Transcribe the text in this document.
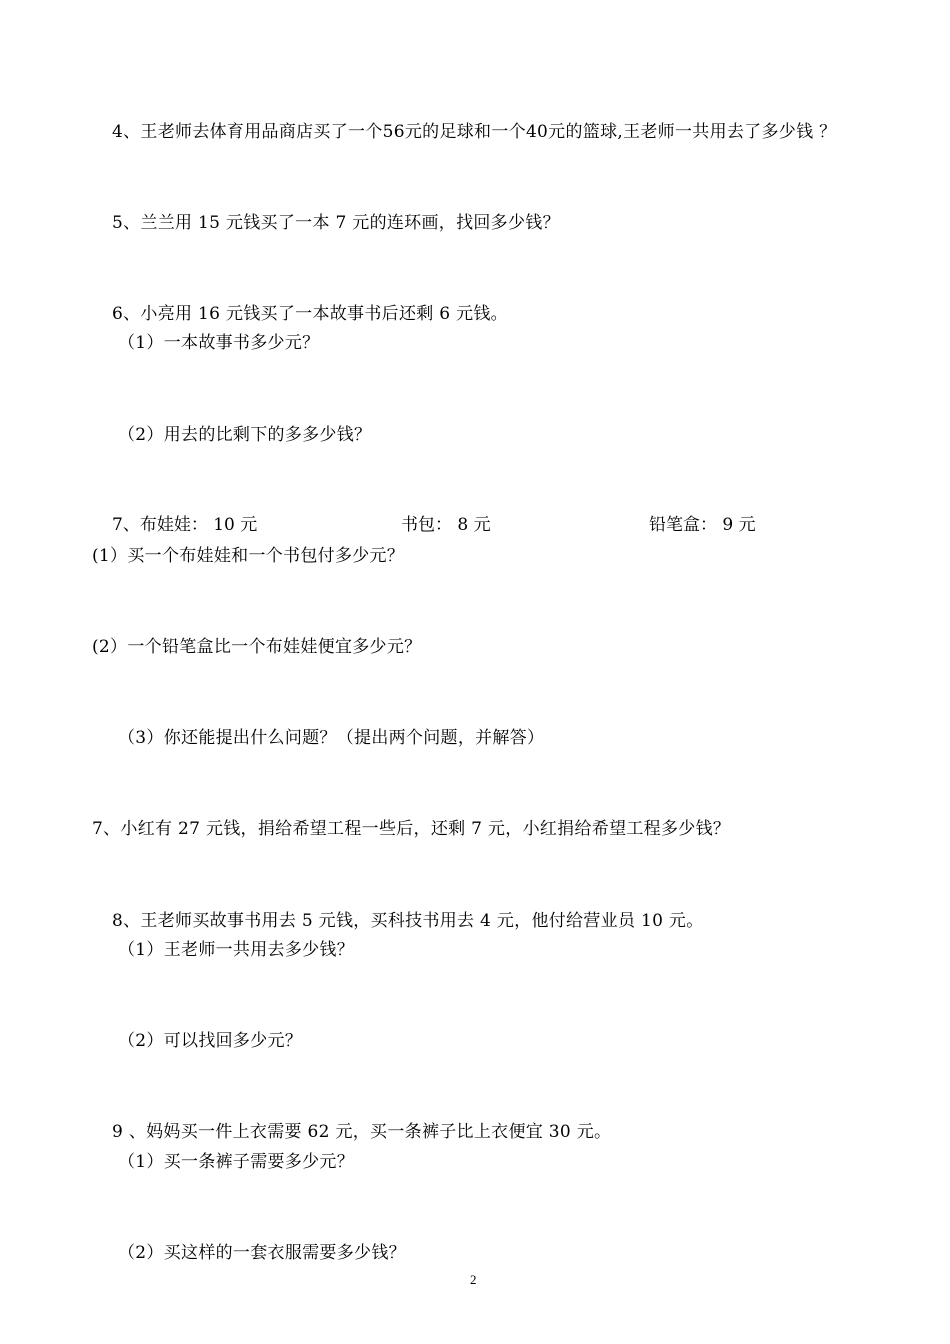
4、王老师去体育用品商店买了一个56元的足球和一个40元的篮球,王老师一共用去了多少钱 ？
5、兰兰用 15 元钱买了一本 7 元的连环画，找回多少钱？
6、小亮用 16 元钱买了一本故事书后还剩 6 元钱。
（1）一本故事书多少元？
（2）用去的比剩下的多多少钱？
7、布娃娃： 10 元	书包： 8 元	铅笔盒： 9 元
(1）买一个布娃娃和一个书包付多少元？
(2）一个铅笔盒比一个布娃娃便宜多少元？
（3）你还能提出什么问题？（提出两个问题，并解答）
7、小红有 27 元钱，捐给希望工程一些后，还剩 7 元，小红捐给希望工程多少钱？
8、王老师买故事书用去 5 元钱，买科技书用去 4 元，他付给营业员 10 元。
（1）王老师一共用去多少钱？
（2）可以找回多少元？
9 、妈妈买一件上衣需要 62 元，买一条裤子比上衣便宜 30 元。
（1）买一条裤子需要多少元？
（2）买这样的一套衣服需要多少钱？
2
